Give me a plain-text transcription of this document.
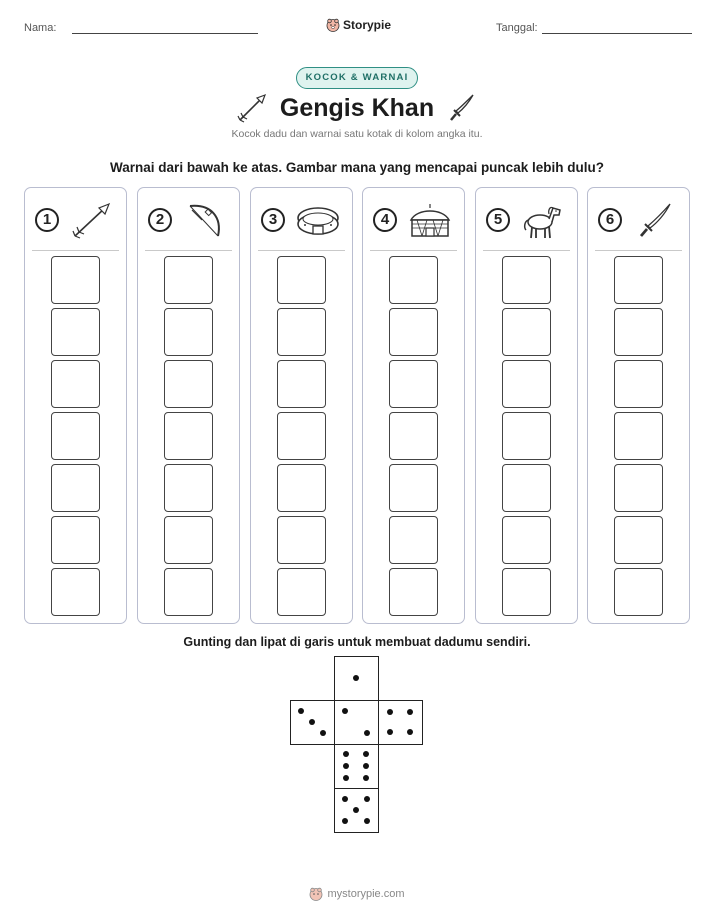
Nama:	Storypie	Tanggal:
KOCOK & WARNAI
Gengis Khan
Kocok dadu dan warnai satu kotak di kolom angka itu.
Warnai dari bawah ke atas. Gambar mana yang mencapai puncak lebih dulu?
1	2	3	4	5	6
Gunting dan lipat di garis untuk membuat dadumu sendiri.
mystorypie.com
